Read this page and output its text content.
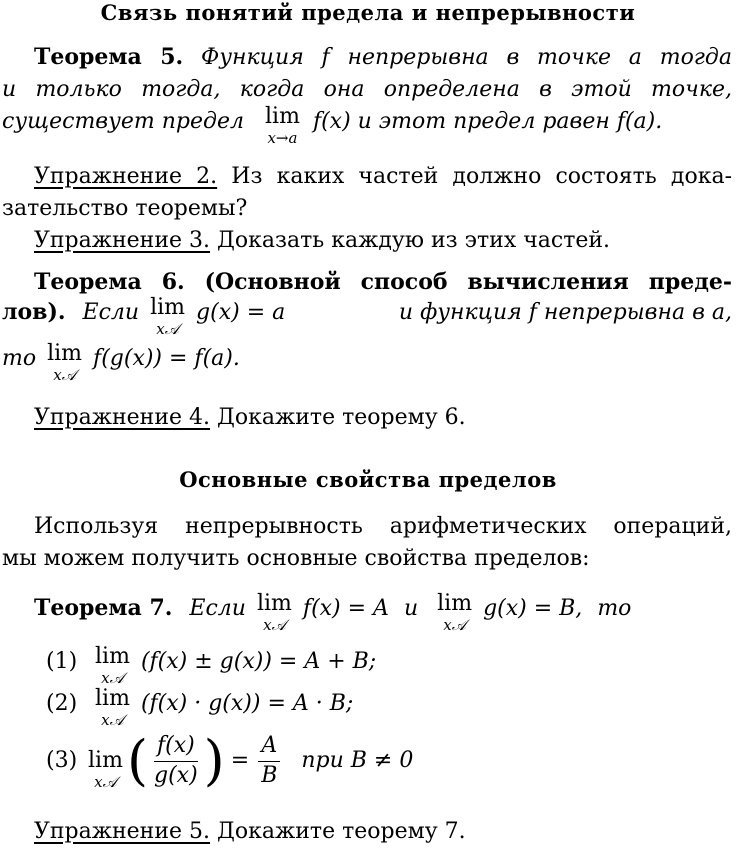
Связь понятий предела и непрерывности
Теорема 5. Функция f непрерывна в точке a тогда
и только тогда, когда она определена в этой точке,
существует предел lim
x→a
f(x) и этот предел равен f(a).
Упражнение 2. Из каких частей должно состоять дока-
зательство теоремы?
Упражнение 3. Доказать каждую из этих частей.
Теорема 6. (Основной способ вычисления преде-
лов). Если lim
x𝒜
g(x) = a	и функция f непрерывна в a,
то lim
x𝒜
f(g(x)) = f(a).
Упражнение 4. Докажите теорему 6.
Основные свойства пределов
Используя непрерывность арифметических операций,
мы можем получить основные свойства пределов:
Теорема 7. Если lim
x𝒜
f(x) = A и lim
x𝒜
g(x) = B, то
(1) lim
x𝒜
(f(x) ± g(x)) = A + B;
(2) lim
x𝒜
(f(x) · g(x)) = A · B;
(3) lim
x𝒜 ( $\frac{f(x)}{g(x)}$ ) = $\frac{A}{B}$ при B ≠ 0
Упражнение 5. Докажите теорему 7.
